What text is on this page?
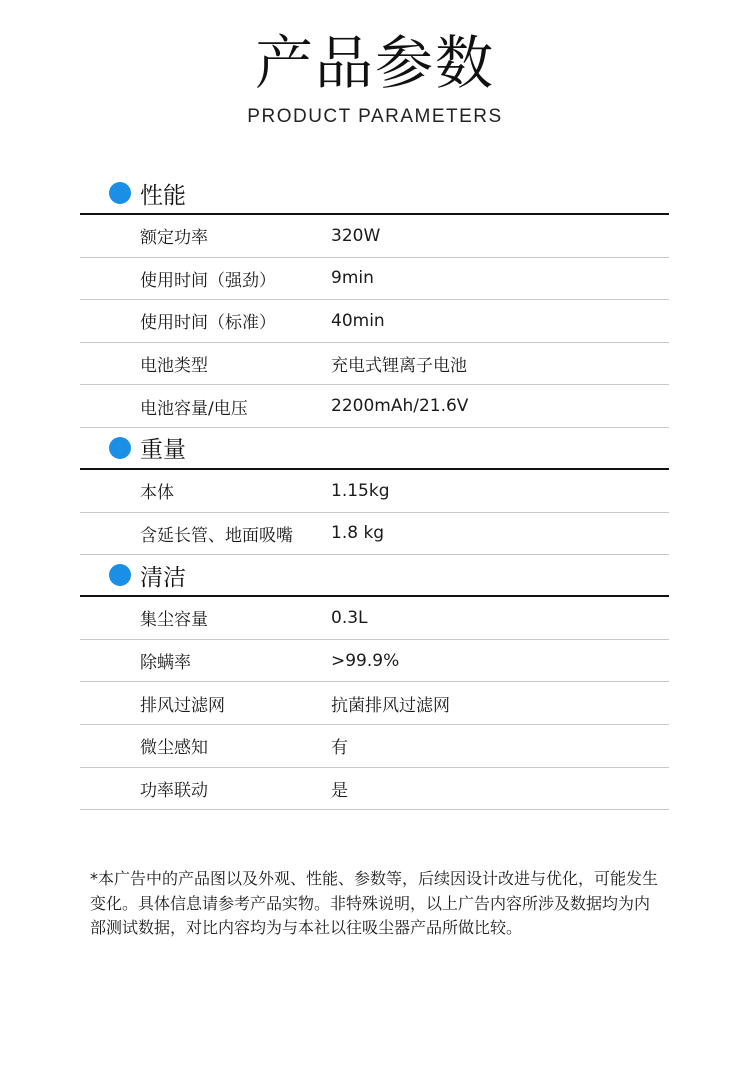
产品参数
PRODUCT PARAMETERS
性能
额定功率	320W
使用时间（强劲）	9min
使用时间（标准）	40min
电池类型	充电式锂离子电池
电池容量/电压	2200mAh/21.6V
重量
本体	1.15kg
含延长管、地面吸嘴	1.8 kg
清洁
集尘容量	0.3L
除螨率	>99.9%
排风过滤网	抗菌排风过滤网
微尘感知	有
功率联动	是
*本广告中的产品图以及外观、性能、参数等，后续因设计改进与优化，可能发生变化。具体信息请参考产品实物。非特殊说明，以上广告内容所涉及数据均为内部测试数据，对比内容均为与本社以往吸尘器产品所做比较。
